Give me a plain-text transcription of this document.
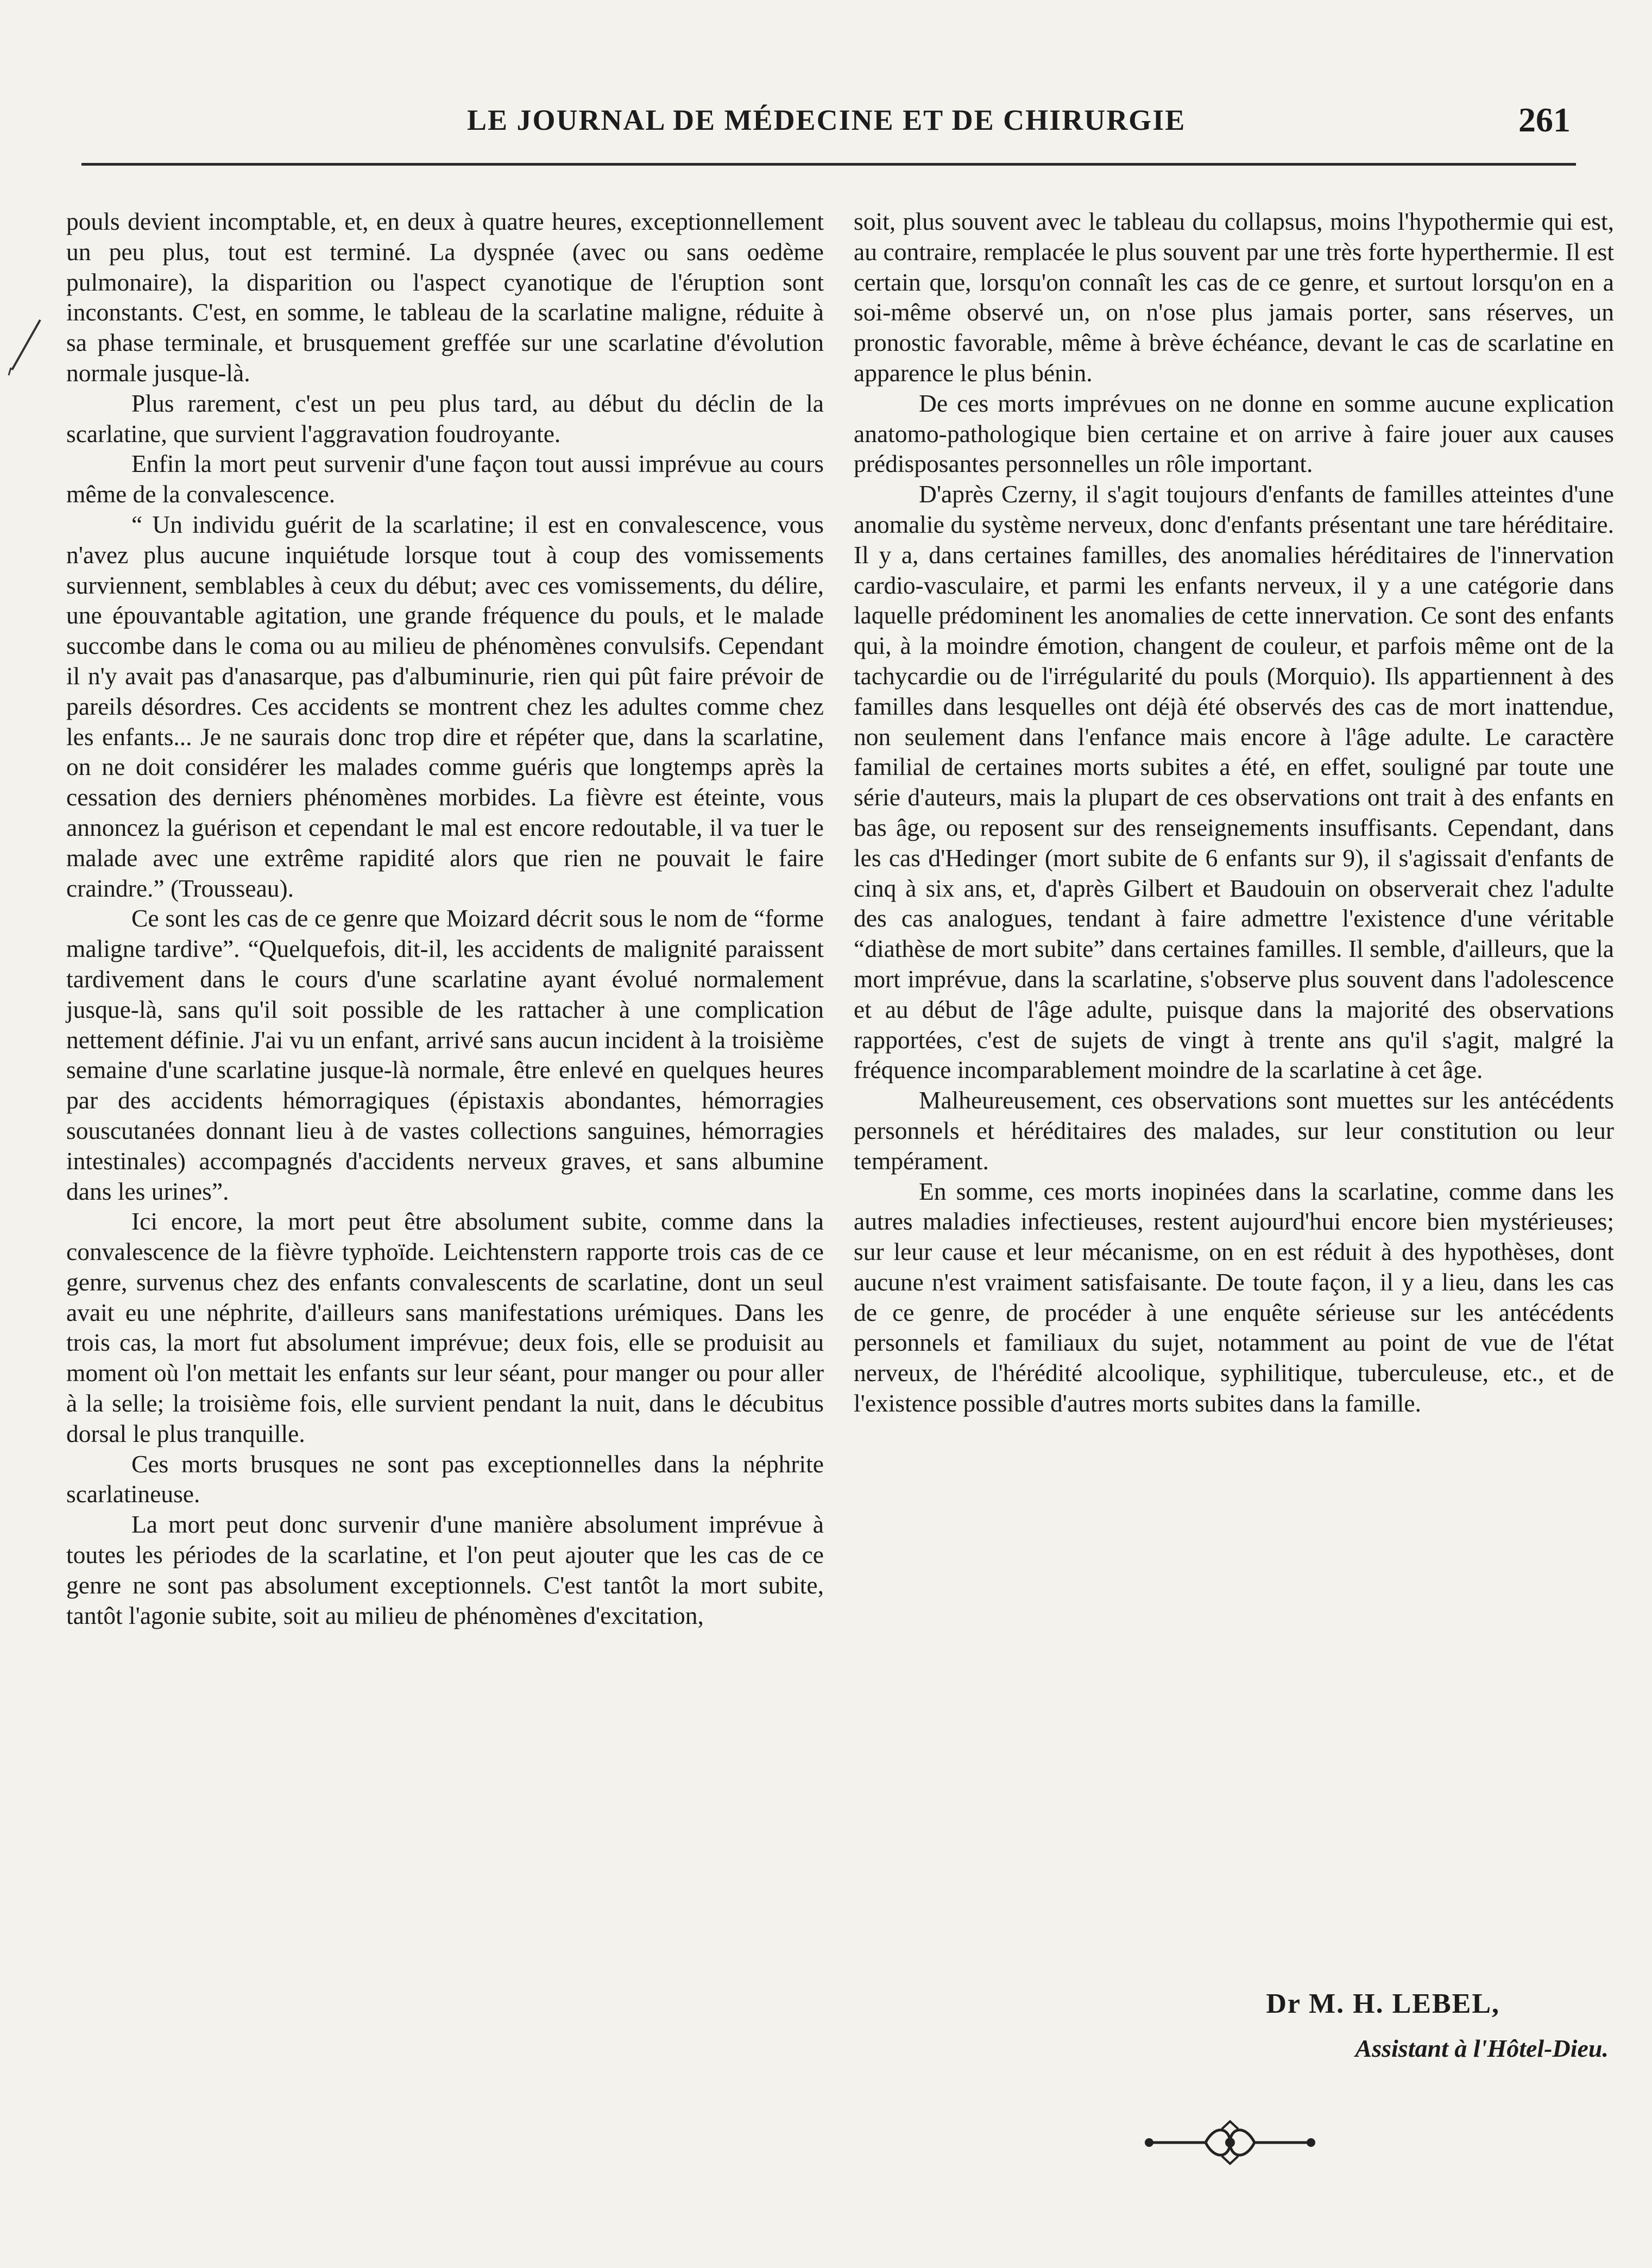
LE JOURNAL DE MÉDECINE ET DE CHIRURGIE	261

pouls devient incomptable, et, en deux à quatre heures, exceptionnellement un peu plus, tout est terminé. La dyspnée (avec ou sans oedème pulmonaire), la disparition ou l'aspect cyanotique de l'éruption sont inconstants. C'est, en somme, le tableau de la scarlatine maligne, réduite à sa phase terminale, et brusquement greffée sur une scarlatine d'évolution normale jusque-là.

Plus rarement, c'est un peu plus tard, au début du déclin de la scarlatine, que survient l'aggravation foudroyante.

Enfin la mort peut survenir d'une façon tout aussi imprévue au cours même de la convalescence.

“ Un individu guérit de la scarlatine; il est en convalescence, vous n'avez plus aucune inquiétude lorsque tout à coup des vomissements surviennent, semblables à ceux du début; avec ces vomissements, du délire, une épouvantable agitation, une grande fréquence du pouls, et le malade succombe dans le coma ou au milieu de phénomènes convulsifs. Cependant il n'y avait pas d'anasarque, pas d'albuminurie, rien qui pût faire prévoir de pareils désordres. Ces accidents se montrent chez les adultes comme chez les enfants... Je ne saurais donc trop dire et répéter que, dans la scarlatine, on ne doit considérer les malades comme guéris que longtemps après la cessation des derniers phénomènes morbides. La fièvre est éteinte, vous annoncez la guérison et cependant le mal est encore redoutable, il va tuer le malade avec une extrême rapidité alors que rien ne pouvait le faire craindre.” (Trousseau).

Ce sont les cas de ce genre que Moizard décrit sous le nom de “forme maligne tardive”. “Quelquefois, dit-il, les accidents de malignité paraissent tardivement dans le cours d'une scarlatine ayant évolué normalement jusque-là, sans qu'il soit possible de les rattacher à une complication nettement définie. J'ai vu un enfant, arrivé sans aucun incident à la troisième semaine d'une scarlatine jusque-là normale, être enlevé en quelques heures par des accidents hémorragiques (épistaxis abondantes, hémorragies souscutanées donnant lieu à de vastes collections sanguines, hémorragies intestinales) accompagnés d'accidents nerveux graves, et sans albumine dans les urines”.

Ici encore, la mort peut être absolument subite, comme dans la convalescence de la fièvre typhoïde. Leichtenstern rapporte trois cas de ce genre, survenus chez des enfants convalescents de scarlatine, dont un seul avait eu une néphrite, d'ailleurs sans manifestations urémiques. Dans les trois cas, la mort fut absolument imprévue; deux fois, elle se produisit au moment où l'on mettait les enfants sur leur séant, pour manger ou pour aller à la selle; la troisième fois, elle survient pendant la nuit, dans le décubitus dorsal le plus tranquille.

Ces morts brusques ne sont pas exceptionnelles dans la néphrite scarlatineuse.

La mort peut donc survenir d'une manière absolument imprévue à toutes les périodes de la scarlatine, et l'on peut ajouter que les cas de ce genre ne sont pas absolument exceptionnels. C'est tantôt la mort subite, tantôt l'agonie subite, soit au milieu de phénomènes d'excitation,

soit, plus souvent avec le tableau du collapsus, moins l'hypothermie qui est, au contraire, remplacée le plus souvent par une très forte hyperthermie. Il est certain que, lorsqu'on connaît les cas de ce genre, et surtout lorsqu'on en a soi-même observé un, on n'ose plus jamais porter, sans réserves, un pronostic favorable, même à brève échéance, devant le cas de scarlatine en apparence le plus bénin.

De ces morts imprévues on ne donne en somme aucune explication anatomo-pathologique bien certaine et on arrive à faire jouer aux causes prédisposantes personnelles un rôle important.

D'après Czerny, il s'agit toujours d'enfants de familles atteintes d'une anomalie du système nerveux, donc d'enfants présentant une tare héréditaire. Il y a, dans certaines familles, des anomalies héréditaires de l'innervation cardio-vasculaire, et parmi les enfants nerveux, il y a une catégorie dans laquelle prédominent les anomalies de cette innervation. Ce sont des enfants qui, à la moindre émotion, changent de couleur, et parfois même ont de la tachycardie ou de l'irrégularité du pouls (Morquio). Ils appartiennent à des familles dans lesquelles ont déjà été observés des cas de mort inattendue, non seulement dans l'enfance mais encore à l'âge adulte. Le caractère familial de certaines morts subites a été, en effet, souligné par toute une série d'auteurs, mais la plupart de ces observations ont trait à des enfants en bas âge, ou reposent sur des renseignements insuffisants. Cependant, dans les cas d'Hedinger (mort subite de 6 enfants sur 9), il s'agissait d'enfants de cinq à six ans, et, d'après Gilbert et Baudouin on observerait chez l'adulte des cas analogues, tendant à faire admettre l'existence d'une véritable “diathèse de mort subite” dans certaines familles. Il semble, d'ailleurs, que la mort imprévue, dans la scarlatine, s'observe plus souvent dans l'adolescence et au début de l'âge adulte, puisque dans la majorité des observations rapportées, c'est de sujets de vingt à trente ans qu'il s'agit, malgré la fréquence incomparablement moindre de la scarlatine à cet âge.

Malheureusement, ces observations sont muettes sur les antécédents personnels et héréditaires des malades, sur leur constitution ou leur tempérament.

En somme, ces morts inopinées dans la scarlatine, comme dans les autres maladies infectieuses, restent aujourd'hui encore bien mystérieuses; sur leur cause et leur mécanisme, on en est réduit à des hypothèses, dont aucune n'est vraiment satisfaisante. De toute façon, il y a lieu, dans les cas de ce genre, de procéder à une enquête sérieuse sur les antécédents personnels et familiaux du sujet, notamment au point de vue de l'état nerveux, de l'hérédité alcoolique, syphilitique, tuberculeuse, etc., et de l'existence possible d'autres morts subites dans la famille.

Dr M. H. LEBEL,
Assistant à l'Hôtel-Dieu.
